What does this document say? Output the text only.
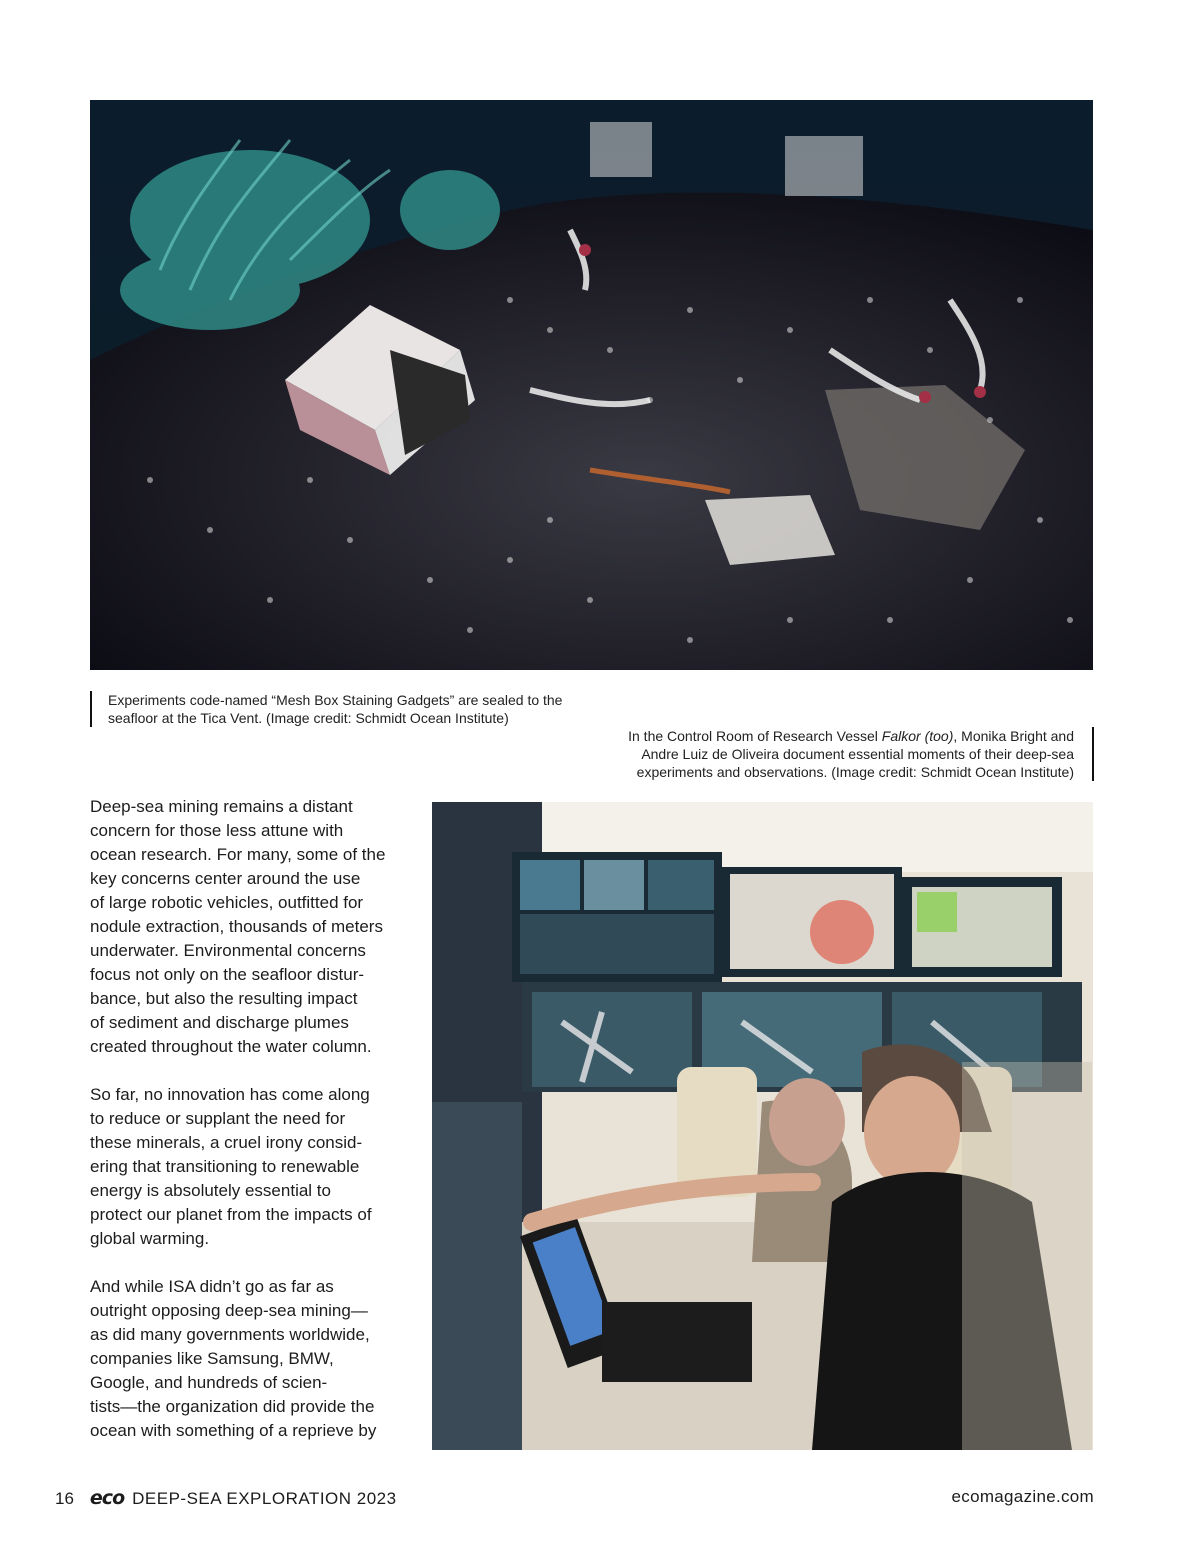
Experiments code-named “Mesh Box Staining Gadgets” are sealed to the seafloor at the Tica Vent. (Image credit: Schmidt Ocean Institute)
In the Control Room of Research Vessel Falkor (too), Monika Bright and Andre Luiz de Oliveira document essential moments of their deep-sea experiments and observations. (Image credit: Schmidt Ocean Institute)

Deep-sea mining remains a distant
concern for those less attune with
ocean research. For many, some of the
key concerns center around the use
of large robotic vehicles, outfitted for
nodule extraction, thousands of meters
underwater. Environmental concerns
focus not only on the seafloor distur-
bance, but also the resulting impact
of sediment and discharge plumes
created throughout the water column.

So far, no innovation has come along
to reduce or supplant the need for
these minerals, a cruel irony consid-
ering that transitioning to renewable
energy is absolutely essential to
protect our planet from the impacts of
global warming.

And while ISA didn’t go as far as
outright opposing deep-sea mining—
as did many governments worldwide,
companies like Samsung, BMW,
Google, and hundreds of scien-
tists—the organization did provide the
ocean with something of a reprieve by

16 eco DEEP-SEA EXPLORATION 2023	ecomagazine.com
